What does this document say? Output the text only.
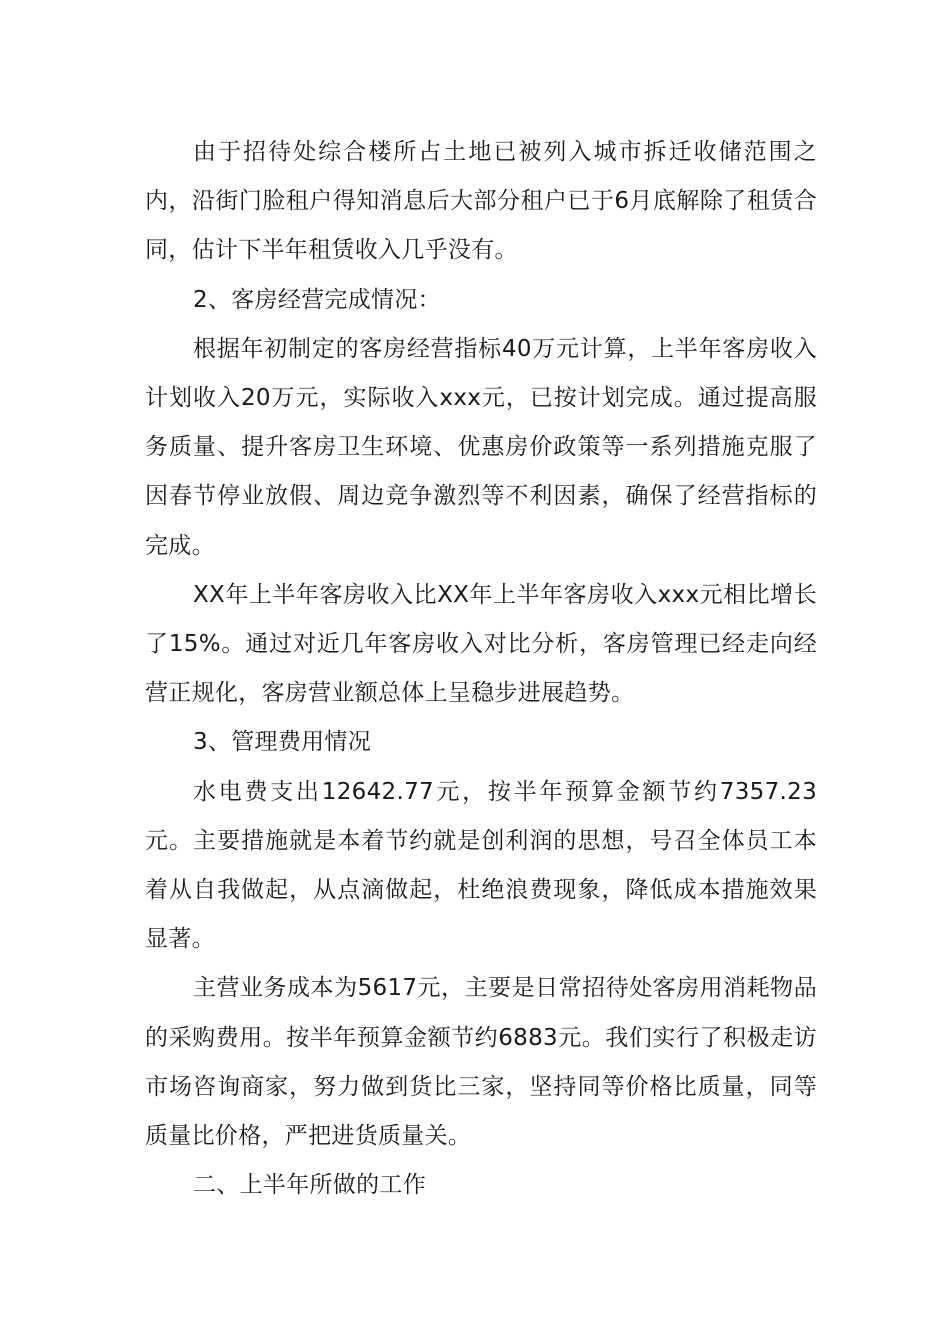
由于招待处综合楼所占土地已被列入城市拆迁收储范围之内，沿街门脸租户得知消息后大部分租户已于6月底解除了租赁合同，估计下半年租赁收入几乎没有。

2、客房经营完成情况：

根据年初制定的客房经营指标40万元计算，上半年客房收入计划收入20万元，实际收入xxx元，已按计划完成。通过提高服务质量、提升客房卫生环境、优惠房价政策等一系列措施克服了因春节停业放假、周边竞争激烈等不利因素，确保了经营指标的完成。

XX年上半年客房收入比XX年上半年客房收入xxx元相比增长了15%。通过对近几年客房收入对比分析，客房管理已经走向经营正规化，客房营业额总体上呈稳步进展趋势。

3、管理费用情况

水电费支出12642.77元，按半年预算金额节约7357.23元。主要措施就是本着节约就是创利润的思想，号召全体员工本着从自我做起，从点滴做起，杜绝浪费现象，降低成本措施效果显著。

主营业务成本为5617元，主要是日常招待处客房用消耗物品的采购费用。按半年预算金额节约6883元。我们实行了积极走访市场咨询商家，努力做到货比三家，坚持同等价格比质量，同等质量比价格，严把进货质量关。

二、上半年所做的工作
